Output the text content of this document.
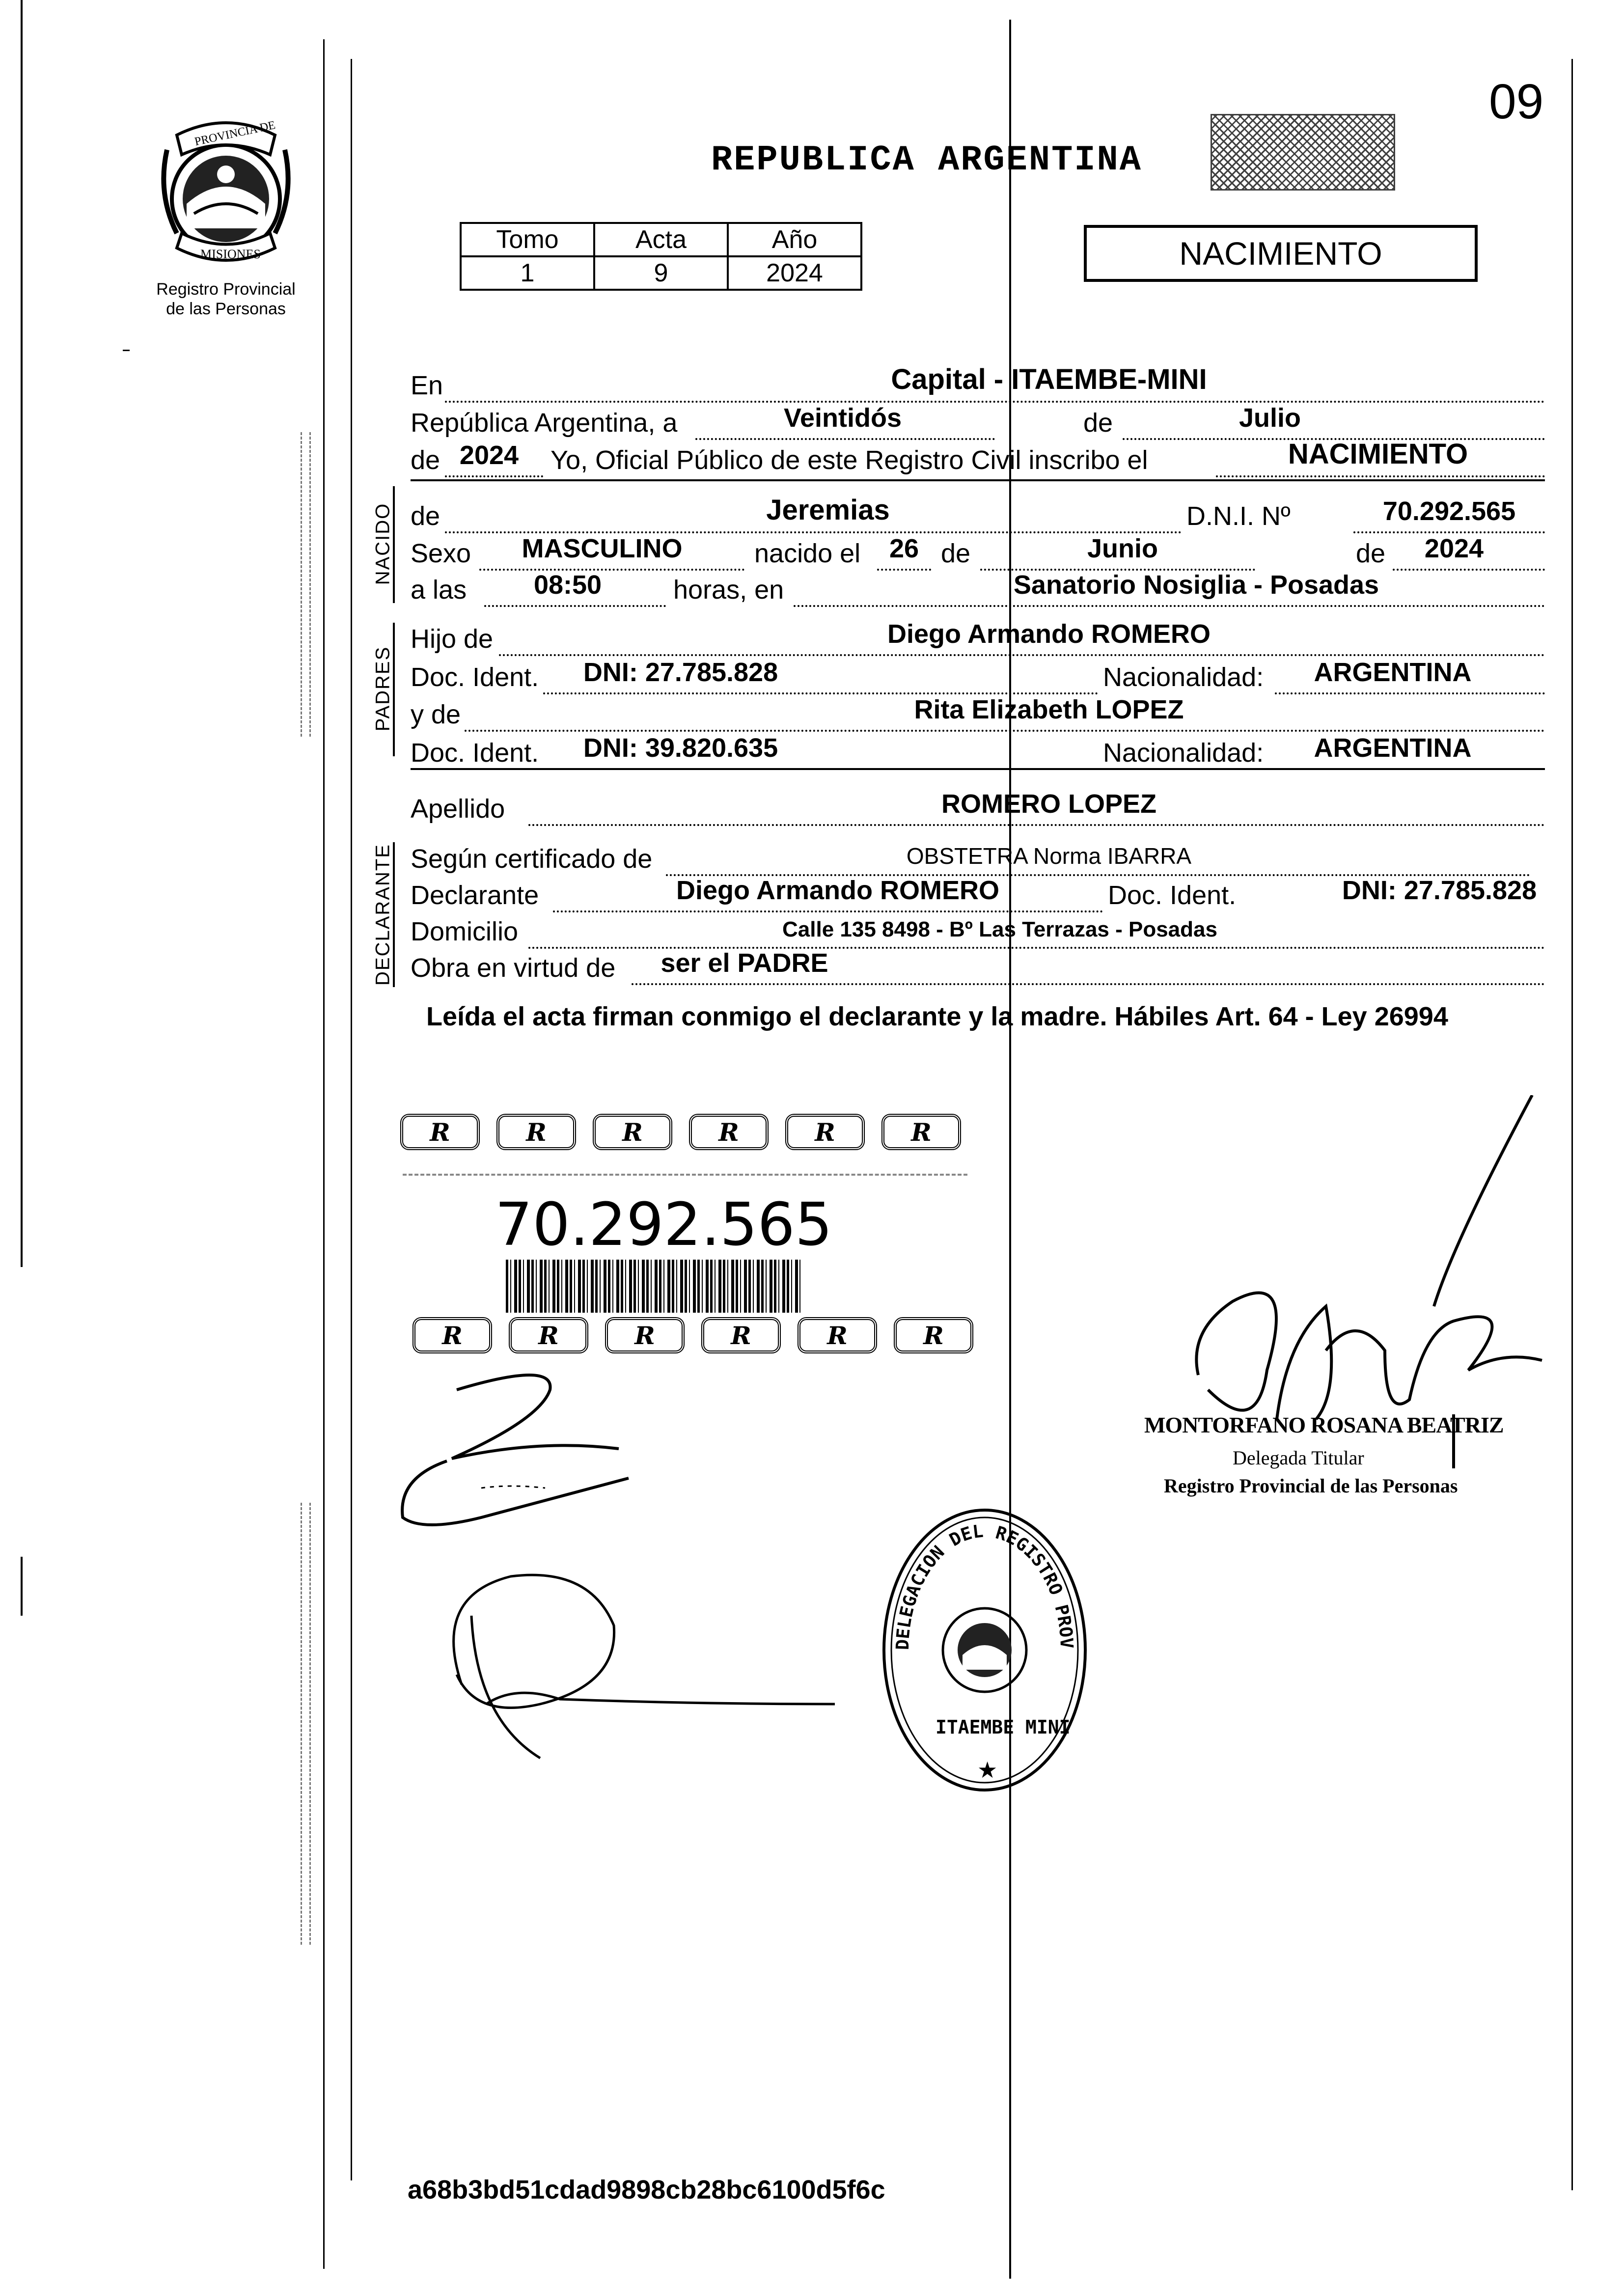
PROVINCIA DE
MISIONES
Registro Provincial
de las Personas
REPUBLICA ARGENTINA
09
Tomo	Acta	Año
1	9	2024
NACIMIENTO
En	Capital - ITAEMBE-MINI
República Argentina, a	Veintidós	de	Julio
de 2024	Yo, Oficial Público de este Registro Civil inscribo el	NACIMIENTO
NACIDO de	Jeremias	D.N.I. Nº	70.292.565
Sexo	MASCULINO	nacido el	26 de	Junio	de	2024
a las	08:50	horas, en	Sanatorio Nosiglia - Posadas
PADRES
Hijo de	Diego Armando ROMERO
Doc. Ident.	DNI: 27.785.828	Nacionalidad:	ARGENTINA
y de	Rita Elizabeth LOPEZ
Doc. Ident.	DNI: 39.820.635	Nacionalidad:	ARGENTINA
Apellido	ROMERO LOPEZ
DECLARANTE Según certificado de	OBSTETRA Norma IBARRA
Declarante	Diego Armando ROMERO	Doc. Ident.	DNI: 27.785.828
Domicilio	Calle 135 8498 - Bº Las Terrazas - Posadas
Obra en virtud de	ser el PADRE
Leída el acta firman conmigo el declarante y la madre. Hábiles Art. 64 - Ley 26994
R	R	R	R	R	R
70.292.565
R	R	R	R	R	R
MONTORFANO ROSANA BEATRIZ
Delegada Titular
Registro Provincial de las Personas
DELEGACION DEL REGISTRO PROV
ITAEMBE MINI
★
a68b3bd51cdad9898cb28bc6100d5f6c
